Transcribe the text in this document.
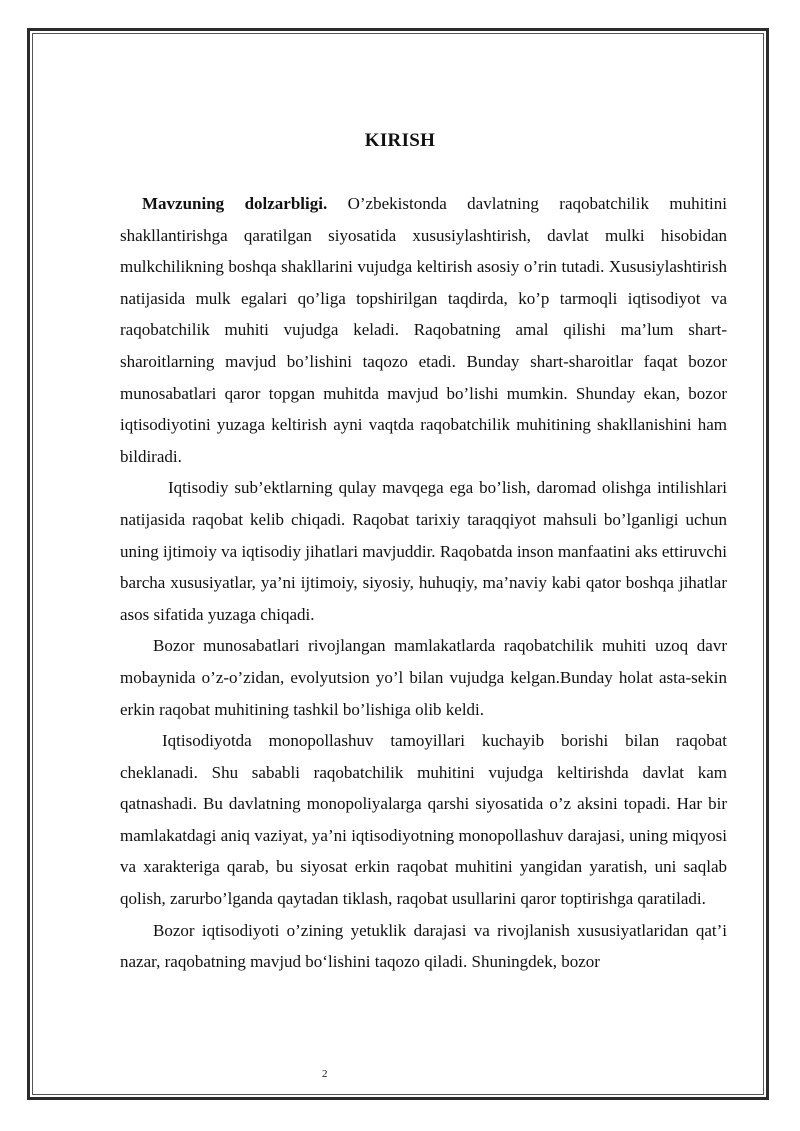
KIRISH

Mavzuning dolzarbligi. O’zbekistonda davlatning raqobatchilik muhitini shakllantirishga qaratilgan siyosatida xususiylashtirish, davlat mulki hisobidan mulkchilikning boshqa shakllarini vujudga keltirish asosiy o’rin tutadi. Xususiylashtirish natijasida mulk egalari qo’liga topshirilgan taqdirda, ko’p tarmoqli iqtisodiyot va raqobatchilik muhiti vujudga keladi. Raqobatning amal qilishi ma’lum shart-sharoitlarning mavjud bo’lishini taqozo etadi. Bunday shart-sharoitlar faqat bozor munosabatlari qaror topgan muhitda mavjud bo’lishi mumkin. Shunday ekan, bozor iqtisodiyotini yuzaga keltirish ayni vaqtda raqobatchilik muhitining shakllanishini ham bildiradi.

Iqtisodiy sub’ektlarning qulay mavqega ega bo’lish, daromad olishga intilishlari natijasida raqobat kelib chiqadi. Raqobat tarixiy taraqqiyot mahsuli bo’lganligi uchun uning ijtimoiy va iqtisodiy jihatlari mavjuddir. Raqobatda inson manfaatini aks ettiruvchi barcha xususiyatlar, ya’ni ijtimoiy, siyosiy, huhuqiy, ma’naviy kabi qator boshqa jihatlar asos sifatida yuzaga chiqadi.

Bozor munosabatlari rivojlangan mamlakatlarda raqobatchilik muhiti uzoq davr mobaynida o’z-o’zidan, evolyutsion yo’l bilan vujudga kelgan.Bunday holat asta-sekin erkin raqobat muhitining tashkil bo’lishiga olib keldi.

Iqtisodiyotda monopollashuv tamoyillari kuchayib borishi bilan raqobat cheklanadi. Shu sababli raqobatchilik muhitini vujudga keltirishda davlat kam qatnashadi. Bu davlatning monopoliyalarga qarshi siyosatida o’z aksini topadi. Har bir mamlakatdagi aniq vaziyat, ya’ni iqtisodiyotning monopollashuv darajasi, uning miqyosi va xarakteriga qarab, bu siyosat erkin raqobat muhitini yangidan yaratish, uni saqlab qolish, zarurbo’lganda qaytadan tiklash, raqobat usullarini qaror toptirishga qaratiladi.

Bozor iqtisodiyoti o’zining yetuklik darajasi va rivojlanish xususiyatlaridan qat’i nazar, raqobatning mavjud bo‘lishini taqozo qiladi. Shuningdek, bozor

2
